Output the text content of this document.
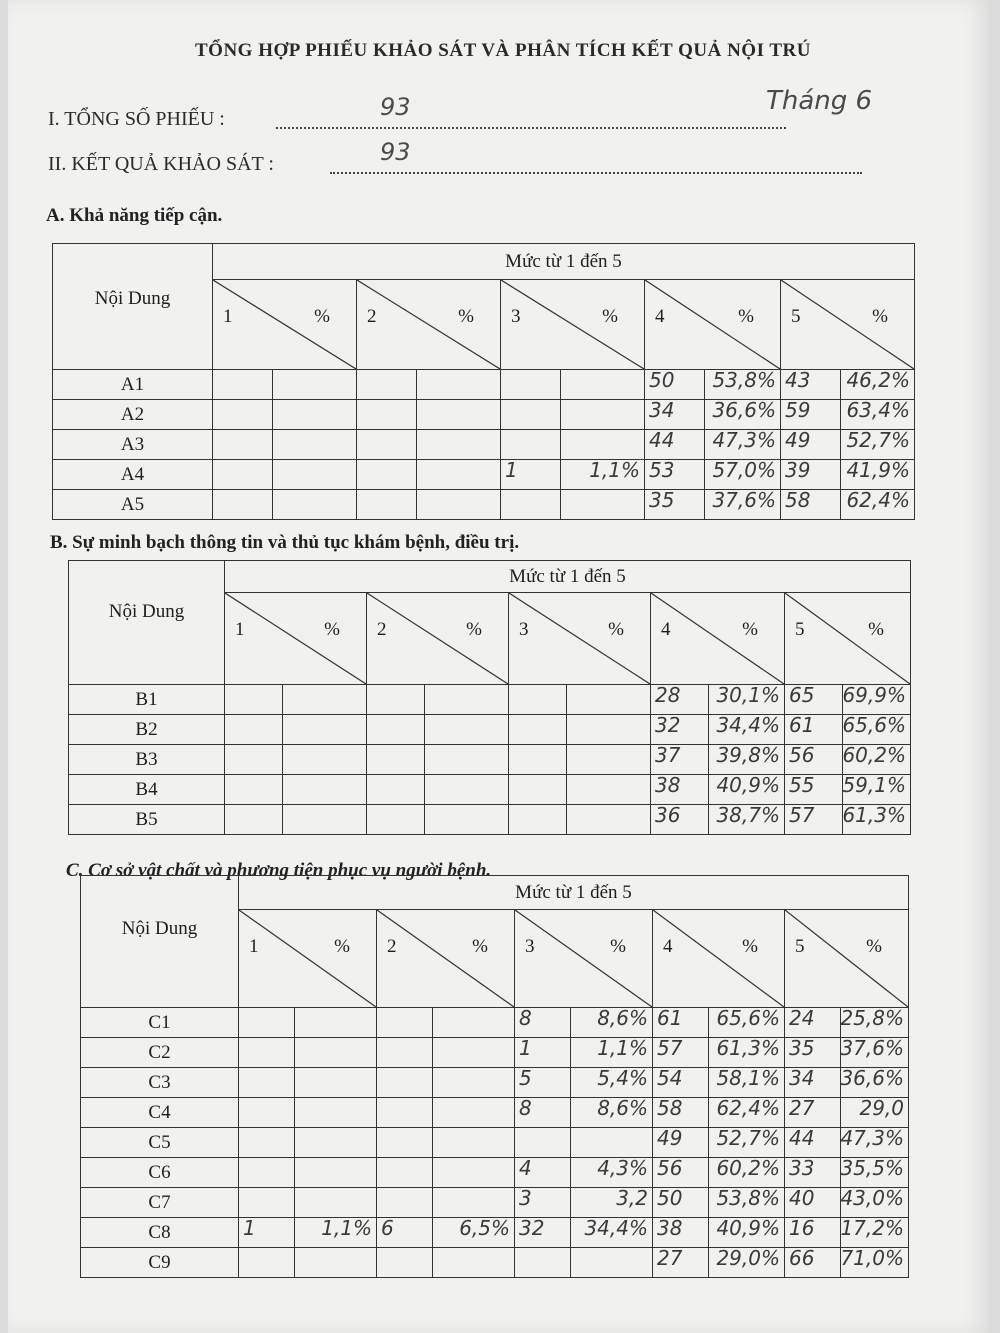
TỔNG HỢP PHIẾU KHẢO SÁT VÀ PHÂN TÍCH KẾT QUẢ NỘI TRÚ
I. TỔNG SỐ PHIẾU :	93	Tháng 6
II. KẾT QUẢ KHẢO SÁT :	93
A. Khả năng tiếp cận.
B. Sự minh bạch thông tin và thủ tục khám bệnh, điều trị.
C. Cơ sở vật chất và phương tiện phục vụ người bệnh.
Nội Dung	Mức từ 1 đến 5									

	1 %		2 %		3 %		4 %		5 %	

A1							50	53,8%	43	46,2%

A2							34	36,6%	59	63,4%

A3							44	47,3%	49	52,7%

A4					1	1,1%	53	57,0%	39	41,9%

A5							35	37,6%	58	62,4%
Nội Dung	Mức từ 1 đến 5									

	1 %		2 %		3 %		4 %		5 %	

B1							28	30,1%	65	69,9%

B2							32	34,4%	61	65,6%

B3							37	39,8%	56	60,2%

B4							38	40,9%	55	59,1%

B5							36	38,7%	57	61,3%
Nội Dung	Mức từ 1 đến 5									

	1 %		2 %		3 %		4 %		5 %	

C1					8	8,6%	61	65,6%	24	25,8%

C2					1	1,1%	57	61,3%	35	37,6%

C3					5	5,4%	54	58,1%	34	36,6%

C4					8	8,6%	58	62,4%	27	29,0

C5							49	52,7%	44	47,3%

C6					4	4,3%	56	60,2%	33	35,5%

C7					3	3,2	50	53,8%	40	43,0%

C8	1	1,1%	6	6,5%	32	34,4%	38	40,9%	16	17,2%

C9							27	29,0%	66	71,0%
